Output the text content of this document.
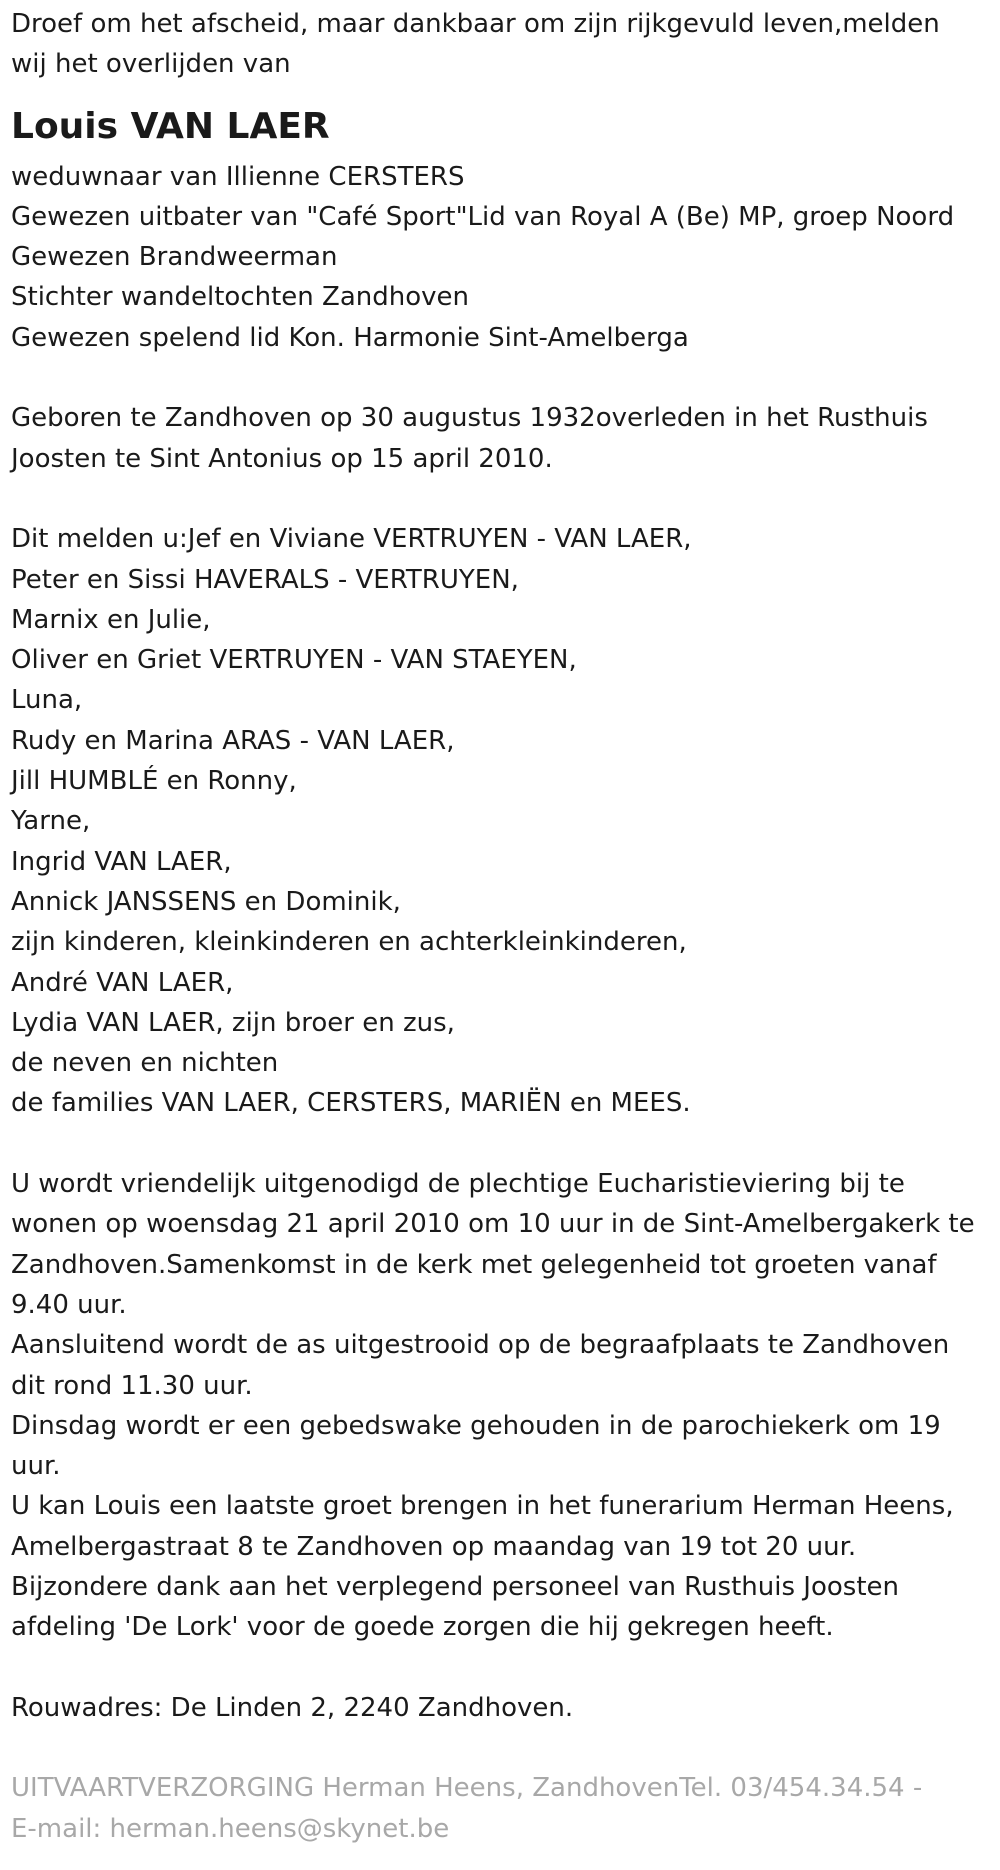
Droef om het afscheid, maar dankbaar om zijn rijkgevuld leven,melden
wij het overlijden van
Louis VAN LAER
weduwnaar van Illienne CERSTERS
Gewezen uitbater van "Café Sport"Lid van Royal A (Be) MP, groep Noord
Gewezen Brandweerman
Stichter wandeltochten Zandhoven
Gewezen spelend lid Kon. Harmonie Sint-Amelberga
Geboren te Zandhoven op 30 augustus 1932overleden in het Rusthuis
Joosten te Sint Antonius op 15 april 2010.
Dit melden u:Jef en Viviane VERTRUYEN - VAN LAER,
Peter en Sissi HAVERALS - VERTRUYEN,
Marnix en Julie,
Oliver en Griet VERTRUYEN - VAN STAEYEN,
Luna,
Rudy en Marina ARAS - VAN LAER,
Jill HUMBLÉ en Ronny,
Yarne,
Ingrid VAN LAER,
Annick JANSSENS en Dominik,
zijn kinderen, kleinkinderen en achterkleinkinderen,
André VAN LAER,
Lydia VAN LAER, zijn broer en zus,
de neven en nichten
de families VAN LAER, CERSTERS, MARIËN en MEES.
U wordt vriendelijk uitgenodigd de plechtige Eucharistieviering bij te
wonen op woensdag 21 april 2010 om 10 uur in de Sint-Amelbergakerk te
Zandhoven.Samenkomst in de kerk met gelegenheid tot groeten vanaf
9.40 uur.
Aansluitend wordt de as uitgestrooid op de begraafplaats te Zandhoven
dit rond 11.30 uur.
Dinsdag wordt er een gebedswake gehouden in de parochiekerk om 19
uur.
U kan Louis een laatste groet brengen in het funerarium Herman Heens,
Amelbergastraat 8 te Zandhoven op maandag van 19 tot 20 uur.
Bijzondere dank aan het verplegend personeel van Rusthuis Joosten
afdeling 'De Lork' voor de goede zorgen die hij gekregen heeft.
Rouwadres: De Linden 2, 2240 Zandhoven.
UITVAARTVERZORGING Herman Heens, ZandhovenTel. 03/454.34.54 -
E-mail: herman.heens@skynet.be
